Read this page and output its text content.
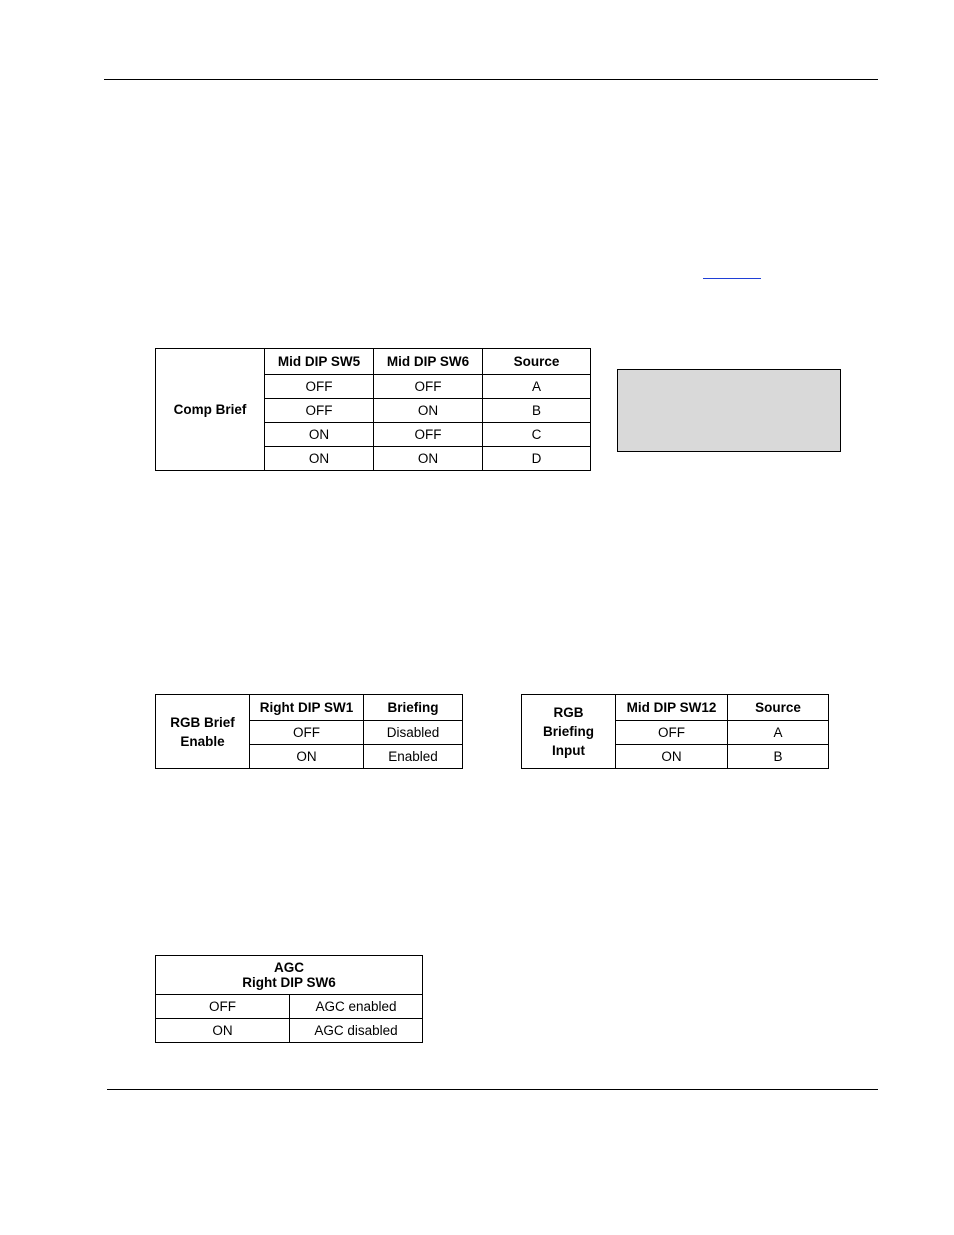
Comp Brief	Mid DIP SW5	Mid DIP SW6	Source
	OFF	OFF	A
	OFF	ON	B
	ON	OFF	C
	ON	ON	D
RGB Brief
Enable	Right DIP SW1	Briefing
	OFF	Disabled
	ON	Enabled
RGB
Briefing
Input	Mid DIP SW12	Source
	OFF	A
	ON	B
AGC
Right DIP SW6	

OFF	AGC enabled
ON	AGC disabled
